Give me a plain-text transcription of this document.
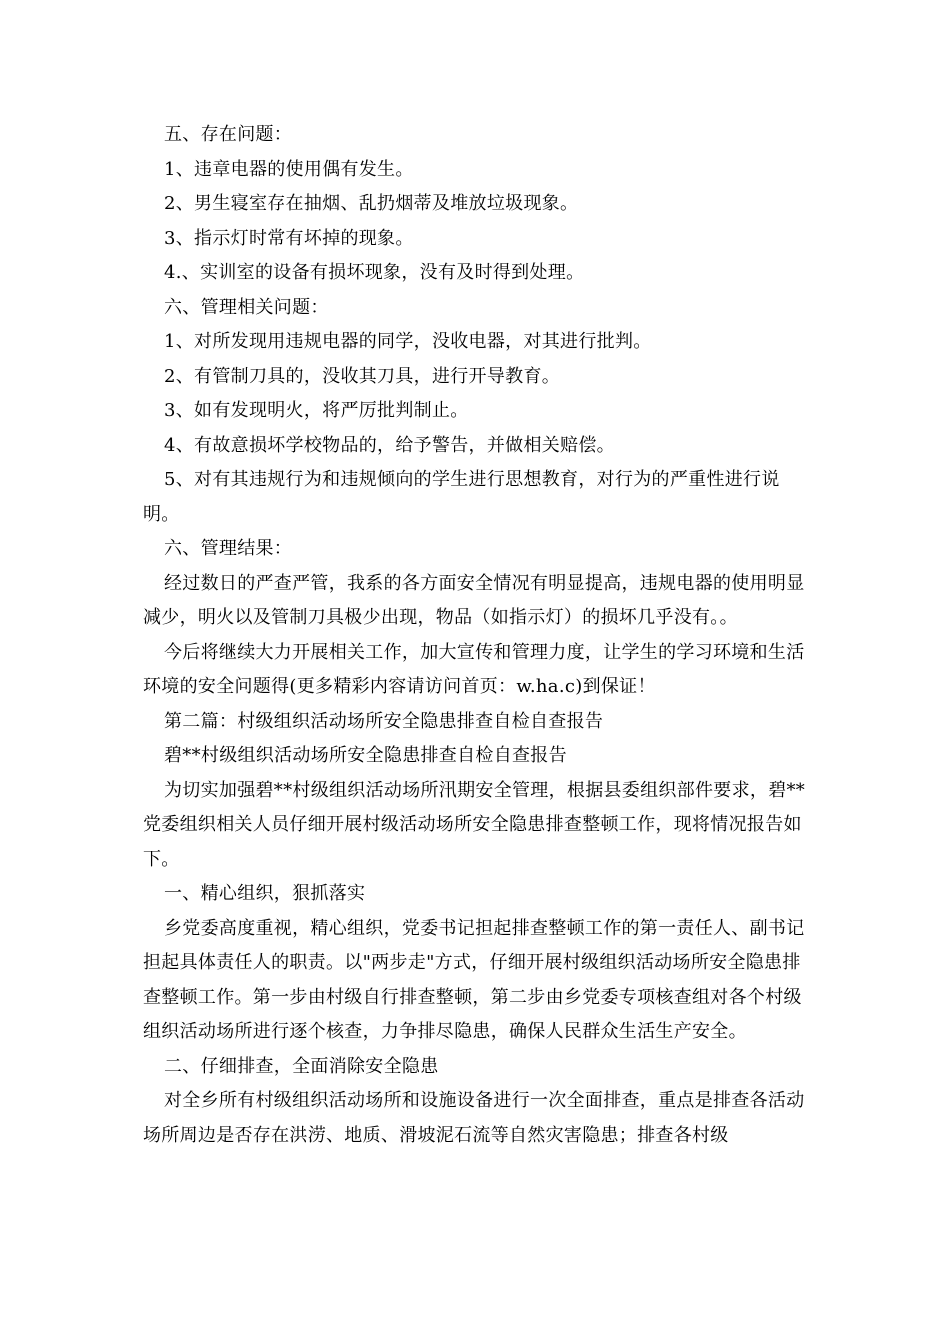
五、存在问题：

1、违章电器的使用偶有发生。

2、男生寝室存在抽烟、乱扔烟蒂及堆放垃圾现象。

3、指示灯时常有坏掉的现象。

4.、实训室的设备有损坏现象，没有及时得到处理。

六、管理相关问题：

1、对所发现用违规电器的同学，没收电器，对其进行批判。

2、有管制刀具的，没收其刀具，进行开导教育。

3、如有发现明火，将严厉批判制止。

4、有故意损坏学校物品的，给予警告，并做相关赔偿。

5、对有其违规行为和违规倾向的学生进行思想教育，对行为的严重性进行说明。

六、管理结果：

经过数日的严查严管，我系的各方面安全情况有明显提高，违规电器的使用明显减少，明火以及管制刀具极少出现，物品（如指示灯）的损坏几乎没有。。

今后将继续大力开展相关工作，加大宣传和管理力度，让学生的学习环境和生活环境的安全问题得(更多精彩内容请访问首页：w.ha.c)到保证！

第二篇：村级组织活动场所安全隐患排查自检自查报告

碧**村级组织活动场所安全隐患排查自检自查报告

为切实加强碧**村级组织活动场所汛期安全管理，根据县委组织部件要求，碧**党委组织相关人员仔细开展村级活动场所安全隐患排查整顿工作，现将情况报告如下。

一、精心组织，狠抓落实

乡党委高度重视，精心组织，党委书记担起排查整顿工作的第一责任人、副书记担起具体责任人的职责。以"两步走"方式，仔细开展村级组织活动场所安全隐患排查整顿工作。第一步由村级自行排查整顿，第二步由乡党委专项核查组对各个村级组织活动场所进行逐个核查，力争排尽隐患，确保人民群众生活生产安全。

二、仔细排查，全面消除安全隐患

对全乡所有村级组织活动场所和设施设备进行一次全面排查，重点是排查各活动场所周边是否存在洪涝、地质、滑坡泥石流等自然灾害隐患；排查各村级
